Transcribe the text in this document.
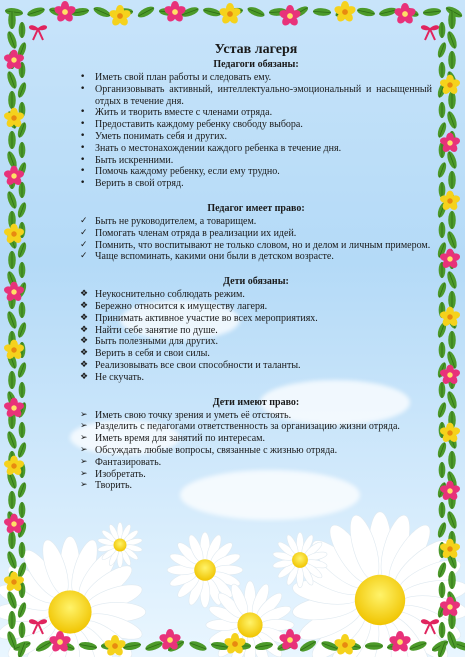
Устав лагеря
Педагоги обязаны:
• Иметь свой план работы и следовать ему.
• Организовывать активный, интеллектуально-эмоциональный и насыщенный отдых в течение дня.
• Жить и творить вместе с членами отряда.
• Предоставить каждому ребенку свободу выбора.
• Уметь понимать себя и других.
• Знать о местонахождении каждого ребенка в течение дня.
• Быть искренними.
• Помочь каждому ребенку, если ему трудно.
• Верить в свой отряд.
Педагог имеет право:
✓ Быть не руководителем, а товарищем.
✓ Помогать членам отряда в реализации их идей.
✓ Помнить, что воспитывают не только словом, но и делом и личным примером.
✓ Чаще вспоминать, какими они были в детском возрасте.
Дети обязаны:
❖ Неукоснительно соблюдать режим.
❖ Бережно относится к имуществу лагеря.
❖ Принимать активное участие во всех мероприятиях.
❖ Найти себе занятие по душе.
❖ Быть полезными для других.
❖ Верить в себя и свои силы.
❖ Реализовывать все свои способности и таланты.
❖ Не скучать.
Дети имеют право:
➢ Иметь свою точку зрения и уметь её отстоять.
➢ Разделить с педагогами ответственность за организацию жизни отряда.
➢ Иметь время для занятий по интересам.
➢ Обсуждать любые вопросы, связанные с жизнью отряда.
➢ Фантазировать.
➢ Изобретать.
➢ Творить.
